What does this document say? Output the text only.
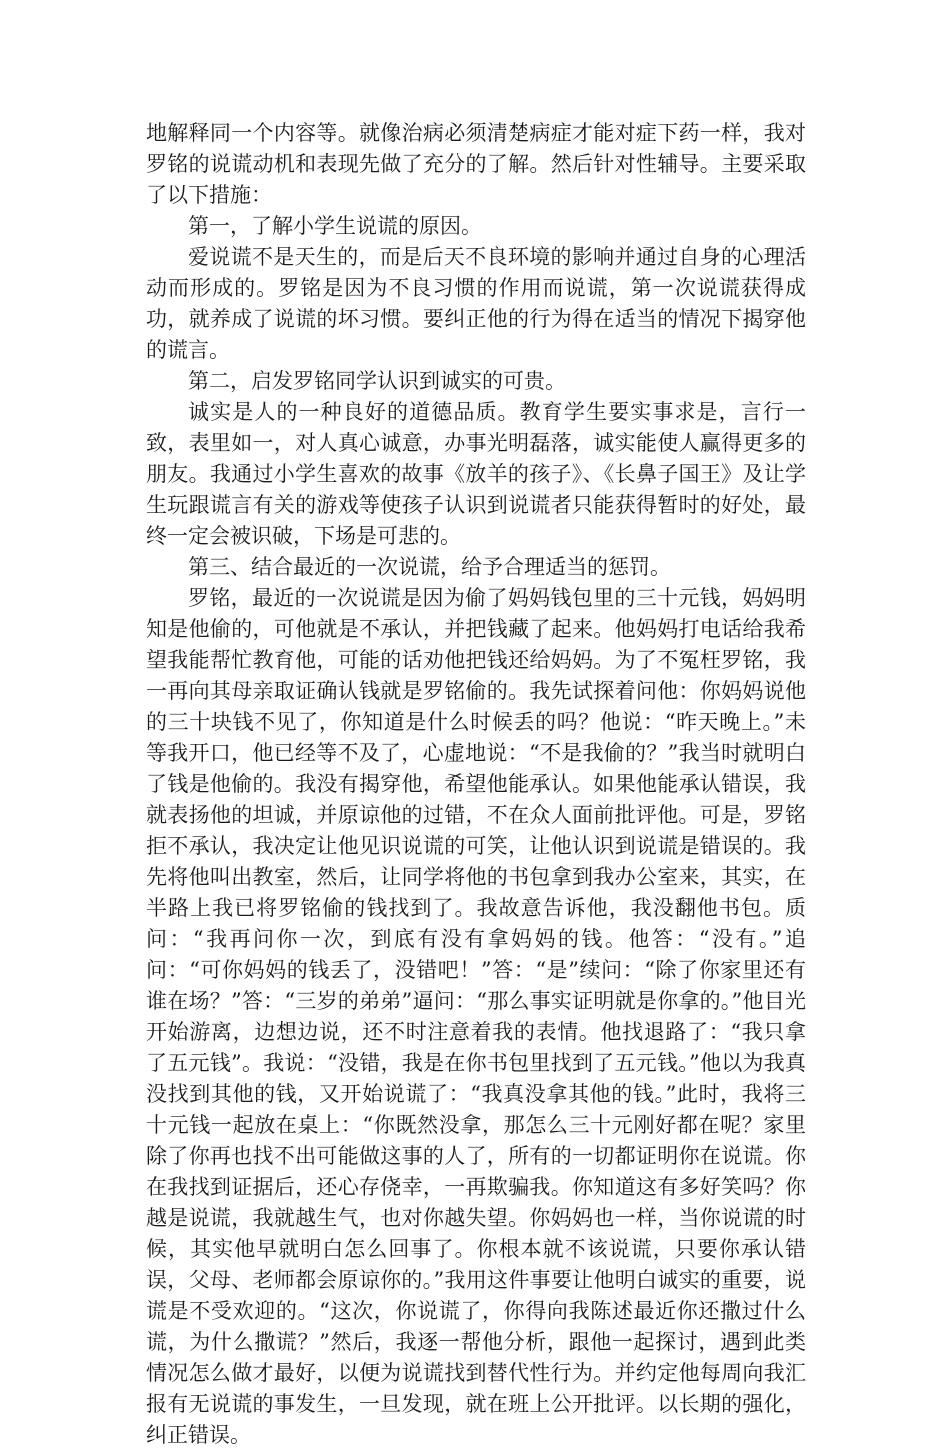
地解释同一个内容等。就像治病必须清楚病症才能对症下药一样，我对罗铭的说谎动机和表现先做了充分的了解。然后针对性辅导。主要采取了以下措施：

第一，了解小学生说谎的原因。

爱说谎不是天生的，而是后天不良环境的影响并通过自身的心理活动而形成的。罗铭是因为不良习惯的作用而说谎，第一次说谎获得成功，就养成了说谎的坏习惯。要纠正他的行为得在适当的情况下揭穿他的谎言。

第二，启发罗铭同学认识到诚实的可贵。

诚实是人的一种良好的道德品质。教育学生要实事求是，言行一致，表里如一，对人真心诚意，办事光明磊落，诚实能使人赢得更多的朋友。我通过小学生喜欢的故事《放羊的孩子》、《长鼻子国王》及让学生玩跟谎言有关的游戏等使孩子认识到说谎者只能获得暂时的好处，最终一定会被识破，下场是可悲的。

第三、结合最近的一次说谎，给予合理适当的惩罚。

罗铭，最近的一次说谎是因为偷了妈妈钱包里的三十元钱，妈妈明知是他偷的，可他就是不承认，并把钱藏了起来。他妈妈打电话给我希望我能帮忙教育他，可能的话劝他把钱还给妈妈。为了不冤枉罗铭，我一再向其母亲取证确认钱就是罗铭偷的。我先试探着问他：你妈妈说他的三十块钱不见了，你知道是什么时候丢的吗？他说：“昨天晚上。”未等我开口，他已经等不及了，心虚地说：“不是我偷的？”我当时就明白了钱是他偷的。我没有揭穿他，希望他能承认。如果他能承认错误，我就表扬他的坦诚，并原谅他的过错，不在众人面前批评他。可是，罗铭拒不承认，我决定让他见识说谎的可笑，让他认识到说谎是错误的。我先将他叫出教室，然后，让同学将他的书包拿到我办公室来，其实，在半路上我已将罗铭偷的钱找到了。我故意告诉他，我没翻他书包。质问：“我再问你一次，到底有没有拿妈妈的钱。他答：“没有。”追问：“可你妈妈的钱丢了，没错吧！”答：“是”续问：“除了你家里还有谁在场？”答：“三岁的弟弟”逼问：“那么事实证明就是你拿的。”他目光开始游离，边想边说，还不时注意着我的表情。他找退路了：“我只拿了五元钱”。我说：“没错，我是在你书包里找到了五元钱。”他以为我真没找到其他的钱，又开始说谎了：“我真没拿其他的钱。”此时，我将三十元钱一起放在桌上：“你既然没拿，那怎么三十元刚好都在呢？家里除了你再也找不出可能做这事的人了，所有的一切都证明你在说谎。你在我找到证据后，还心存侥幸，一再欺骗我。你知道这有多好笑吗？你越是说谎，我就越生气，也对你越失望。你妈妈也一样，当你说谎的时候，其实他早就明白怎么回事了。你根本就不该说谎，只要你承认错误，父母、老师都会原谅你的。”我用这件事要让他明白诚实的重要，说谎是不受欢迎的。“这次，你说谎了，你得向我陈述最近你还撒过什么谎，为什么撒谎？”然后，我逐一帮他分析，跟他一起探讨，遇到此类情况怎么做才最好，以便为说谎找到替代性行为。并约定他每周向我汇报有无说谎的事发生，一旦发现，就在班上公开批评。以长期的强化，纠正错误。
